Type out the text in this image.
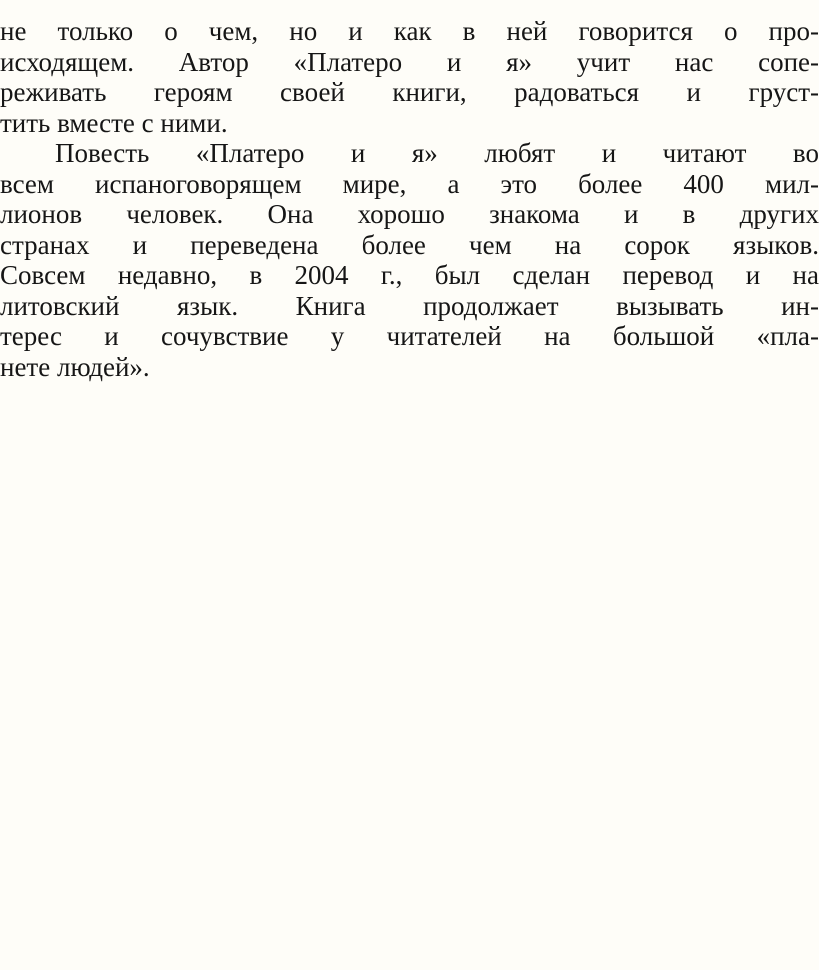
не только о чем, но и как в ней говорится о про-
исходящем. Автор «Платеро и я» учит нас сопе-
реживать героям своей книги, радоваться и груст-
тить вместе с ними.
Повесть «Платеро и я» любят и читают во
всем испаноговорящем мире, а это более 400 мил-
лионов человек. Она хорошо знакома и в других
странах и переведена более чем на сорок языков.
Совсем недавно, в 2004 г., был сделан перевод и на
литовский язык. Книга продолжает вызывать ин-
терес и сочувствие у читателей на большой «пла-
нете людей».
